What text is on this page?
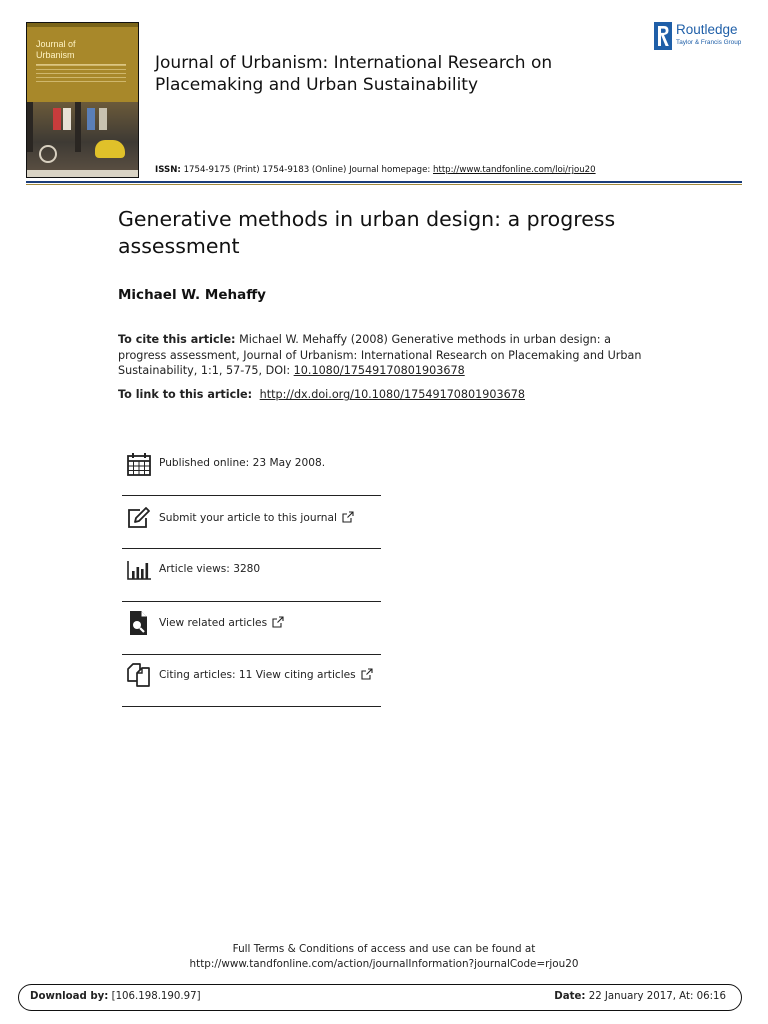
Journal of
Urbanism	Journal of Urbanism: International Research on Placemaking and Urban Sustainability
ISSN: 1754-9175 (Print) 1754-9183 (Online) Journal homepage: http://www.tandfonline.com/loi/rjou20
Routledge
Taylor & Francis Group
Generative methods in urban design: a progress assessment
Michael W. Mehaffy
To cite this article: Michael W. Mehaffy (2008) Generative methods in urban design: a progress assessment, Journal of Urbanism: International Research on Placemaking and Urban Sustainability, 1:1, 57-75, DOI: 10.1080/17549170801903678
To link to this article: http://dx.doi.org/10.1080/17549170801903678
Published online: 23 May 2008.
Submit your article to this journal
Article views: 3280
View related articles
Citing articles: 11 View citing articles
Full Terms & Conditions of access and use can be found at
http://www.tandfonline.com/action/journalInformation?journalCode=rjou20
Download by: [106.198.190.97]	Date: 22 January 2017, At: 06:16
